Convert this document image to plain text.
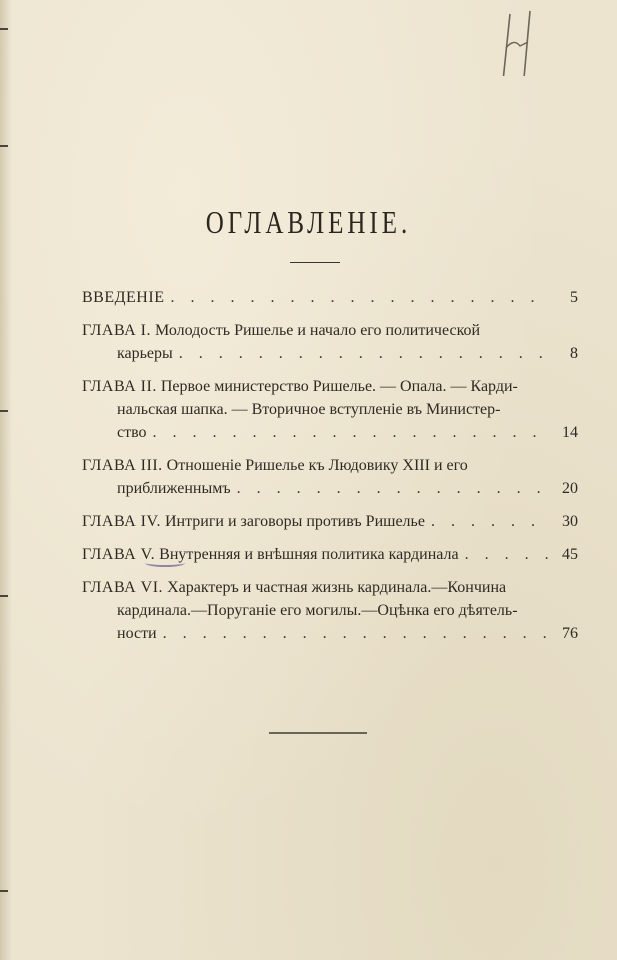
ОГЛАВЛЕНІЕ.
ВВЕДЕНІЕ . . .	5
ГЛАВА I. Молодость Ришелье и начало его политической
карьеры . . .	8
ГЛАВА II. Первое министерство Ришелье. — Опала. — Карди-
нальская шапка. — Вторичное вступленіе въ Министер-
ство . . .	14
ГЛАВА III. Отношеніе Ришелье къ Людовику XIII и его
приближеннымъ . . .	20
ГЛАВА IV.
Интриги и заговоры противъ Ришелье . . .	30
ГЛАВА V.
Внутренняя и внѣшняя политика кардинала . . .	45
ГЛАВА VI. Характеръ и частная жизнь кардинала.—Кончина
кардинала.—Поруганіе его могилы.—Оцѣнка его дѣятель-
ности . . .	76
